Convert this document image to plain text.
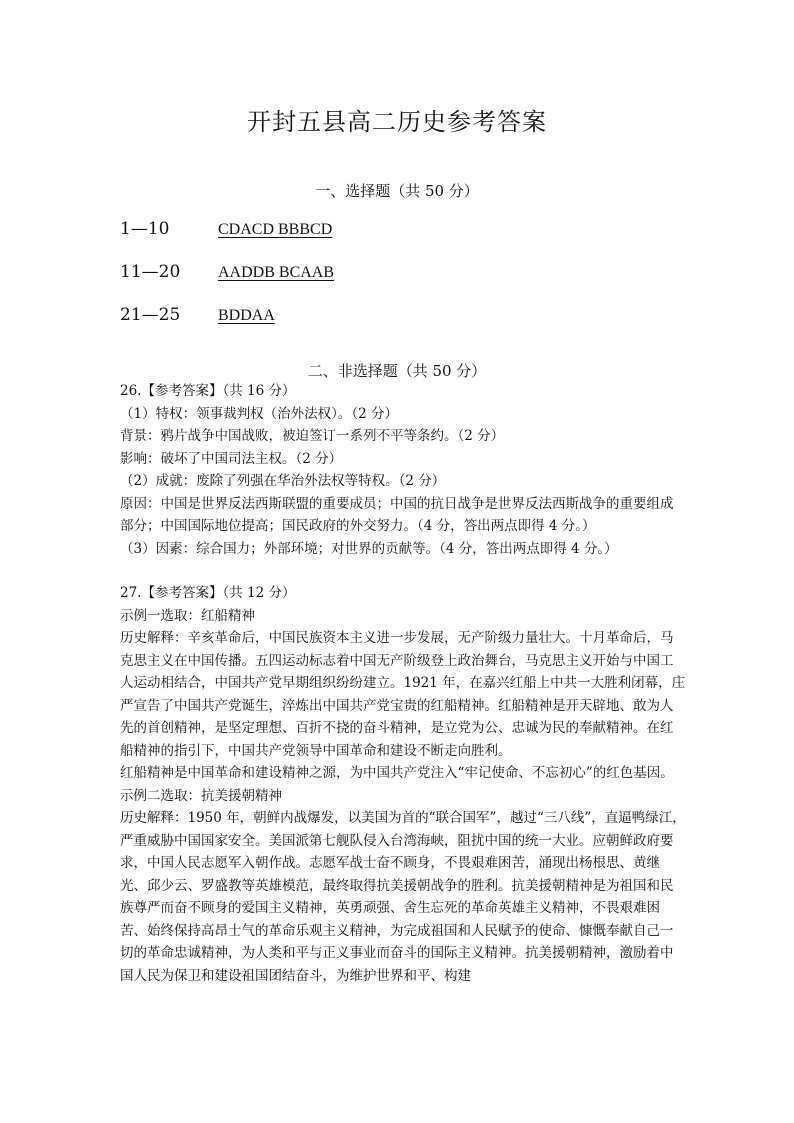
开封五县高二历史参考答案
一、选择题（共 50 分）
1—10	CDACD BBBCD
11—20 AADDB BCAAB
21—25 BDDAA
二、非选择题（共 50 分）

26.【参考答案】（共 16 分）

（1）特权：领事裁判权（治外法权）。（2 分）

背景：鸦片战争中国战败，被迫签订一系列不平等条约。（2 分）

影响：破坏了中国司法主权。（2 分）

（2）成就：废除了列强在华治外法权等特权。（2 分）

原因：中国是世界反法西斯联盟的重要成员；中国的抗日战争是世界反法西斯战争的重要组成部分；中国国际地位提高；国民政府的外交努力。（4 分，答出两点即得 4 分。）

（3）因素：综合国力；外部环境；对世界的贡献等。（4 分，答出两点即得 4 分。）

27.【参考答案】（共 12 分）

示例一选取：红船精神

历史解释：辛亥革命后，中国民族资本主义进一步发展，无产阶级力量壮大。十月革命后，马克思主义在中国传播。五四运动标志着中国无产阶级登上政治舞台，马克思主义开始与中国工人运动相结合，中国共产党早期组织纷纷建立。1921 年，在嘉兴红船上中共一大胜利闭幕，庄严宣告了中国共产党诞生，淬炼出中国共产党宝贵的红船精神。红船精神是开天辟地、敢为人先的首创精神，是坚定理想、百折不挠的奋斗精神，是立党为公、忠诚为民的奉献精神。在红船精神的指引下，中国共产党领导中国革命和建设不断走向胜利。

红船精神是中国革命和建设精神之源，为中国共产党注入“牢记使命、不忘初心”的红色基因。

示例二选取：抗美援朝精神

历史解释：1950 年，朝鲜内战爆发，以美国为首的“联合国军”，越过“三八线”，直逼鸭绿江，严重威胁中国国家安全。美国派第七舰队侵入台湾海峡，阻扰中国的统一大业。应朝鲜政府要求，中国人民志愿军入朝作战。志愿军战士奋不顾身，不畏艰难困苦，涌现出杨根思、黄继光、邱少云、罗盛教等英雄模范，最终取得抗美援朝战争的胜利。抗美援朝精神是为祖国和民族尊严而奋不顾身的爱国主义精神，英勇顽强、舍生忘死的革命英雄主义精神，不畏艰难困苦、始终保持高昂士气的革命乐观主义精神，为完成祖国和人民赋予的使命、慷慨奉献自己一切的革命忠诚精神，为人类和平与正义事业而奋斗的国际主义精神。抗美援朝精神，激励着中国人民为保卫和建设祖国团结奋斗，为维护世界和平、构建
